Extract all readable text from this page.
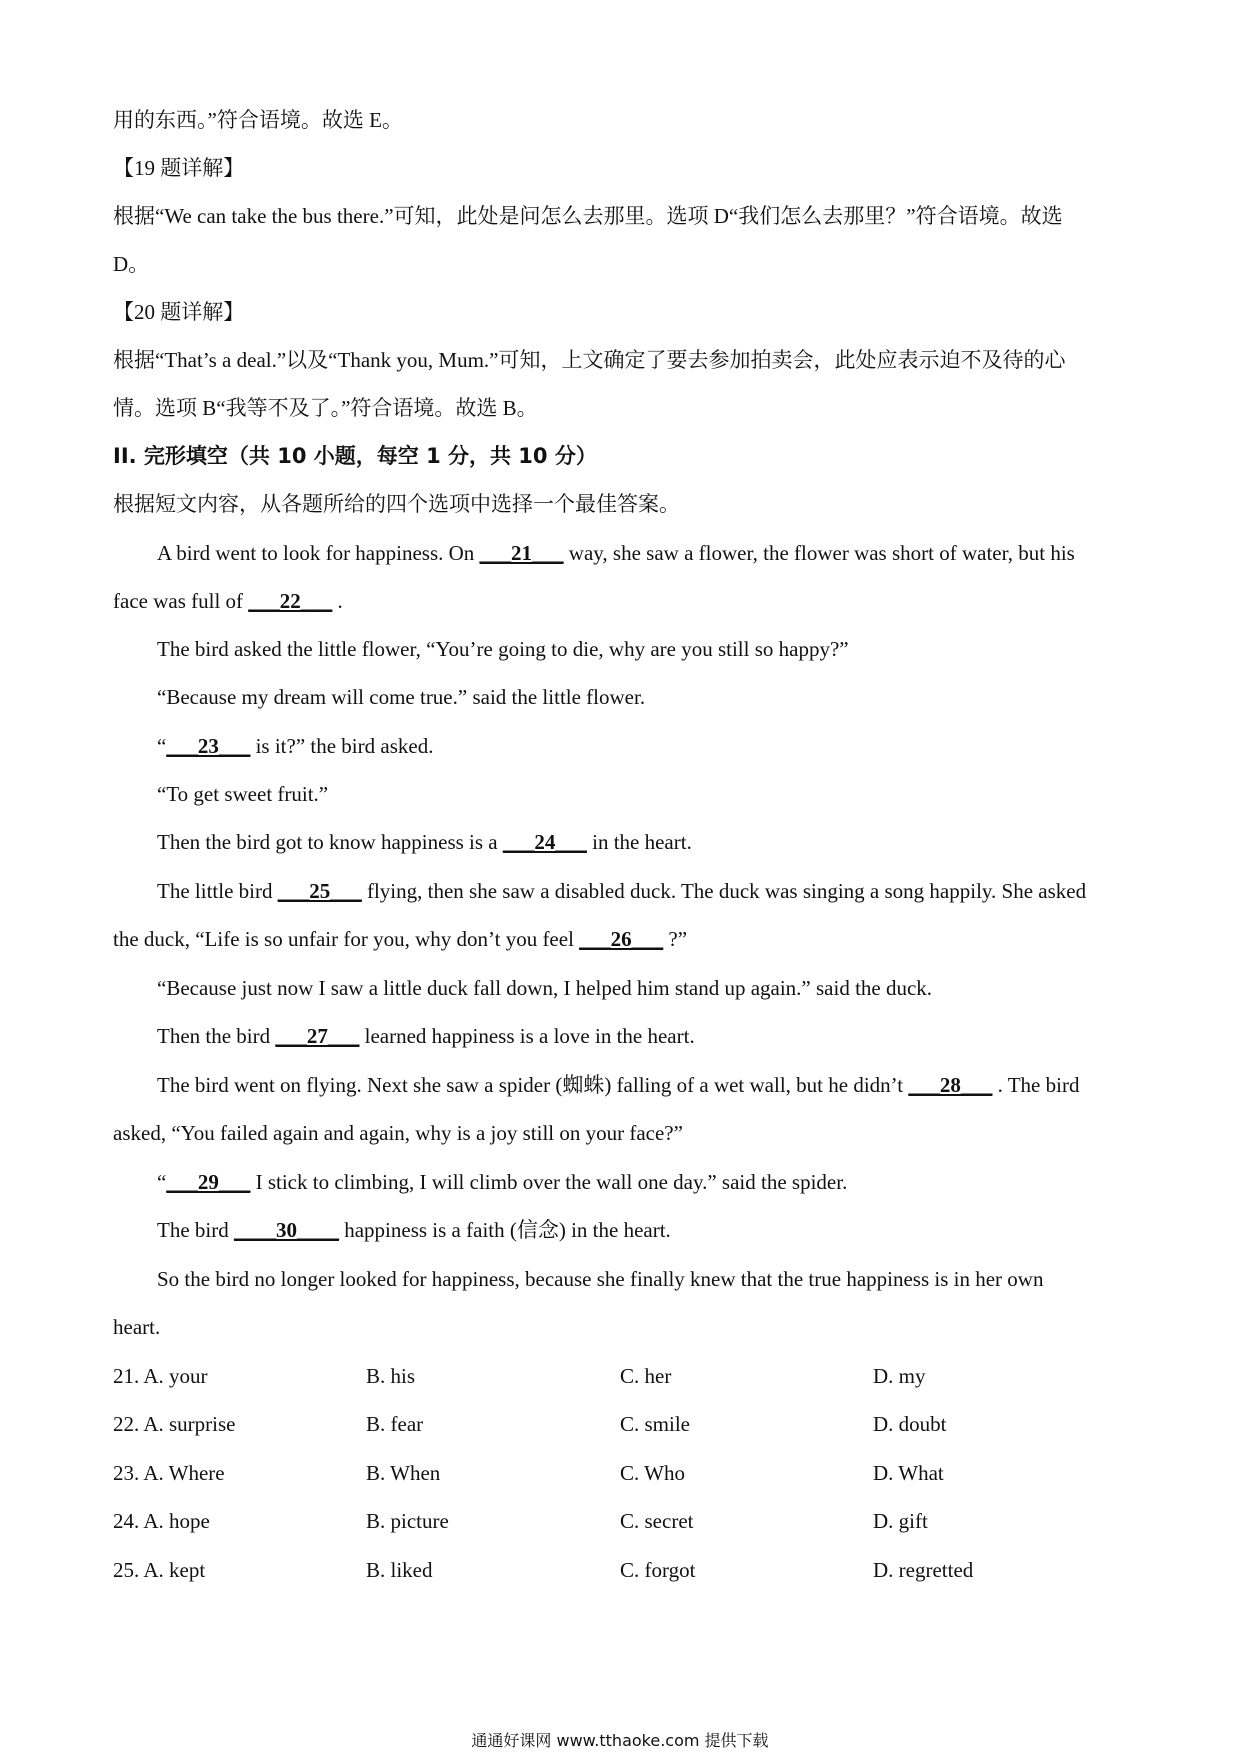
用的东西。”符合语境。故选 E。
【19 题详解】
根据“We can take the bus there.”可知，此处是问怎么去那里。选项 D“我们怎么去那里？”符合语境。故选
D。
【20 题详解】
根据“That’s a deal.”以及“Thank you, Mum.”可知，上文确定了要去参加拍卖会，此处应表示迫不及待的心
情。选项 B“我等不及了。”符合语境。故选 B。
II. 完形填空（共 10 小题，每空 1 分，共 10 分）
根据短文内容，从各题所给的四个选项中选择一个最佳答案。
A bird went to look for happiness. On ___21___ way, she saw a flower, the flower was short of water, but his
face was full of ___22___ .
The bird asked the little flower, “You’re going to die, why are you still so happy?”
“Because my dream will come true.” said the little flower.
“___23___ is it?” the bird asked.
“To get sweet fruit.”
Then the bird got to know happiness is a ___24___ in the heart.
The little bird ___25___ flying, then she saw a disabled duck. The duck was singing a song happily. She asked
the duck, “Life is so unfair for you, why don’t you feel ___26___ ?”
“Because just now I saw a little duck fall down, I helped him stand up again.” said the duck.
Then the bird ___27___ learned happiness is a love in the heart.
The bird went on flying. Next she saw a spider (蜘蛛) falling of a wet wall, but he didn’t ___28___ . The bird
asked, “You failed again and again, why is a joy still on your face?”
“___29___ I stick to climbing, I will climb over the wall one day.” said the spider.
The bird ____30____ happiness is a faith (信念) in the heart.
So the bird no longer looked for happiness, because she finally knew that the true happiness is in her own
heart.
21. A. your	B. his	C. her	D. my
22. A. surprise	B. fear	C. smile	D. doubt
23. A. Where	B. When	C. Who	D. What
24. A. hope	B. picture	C. secret	D. gift
25. A. kept	B. liked	C. forgot	D. regretted
通通好课网 www.tthaoke.com 提供下载
